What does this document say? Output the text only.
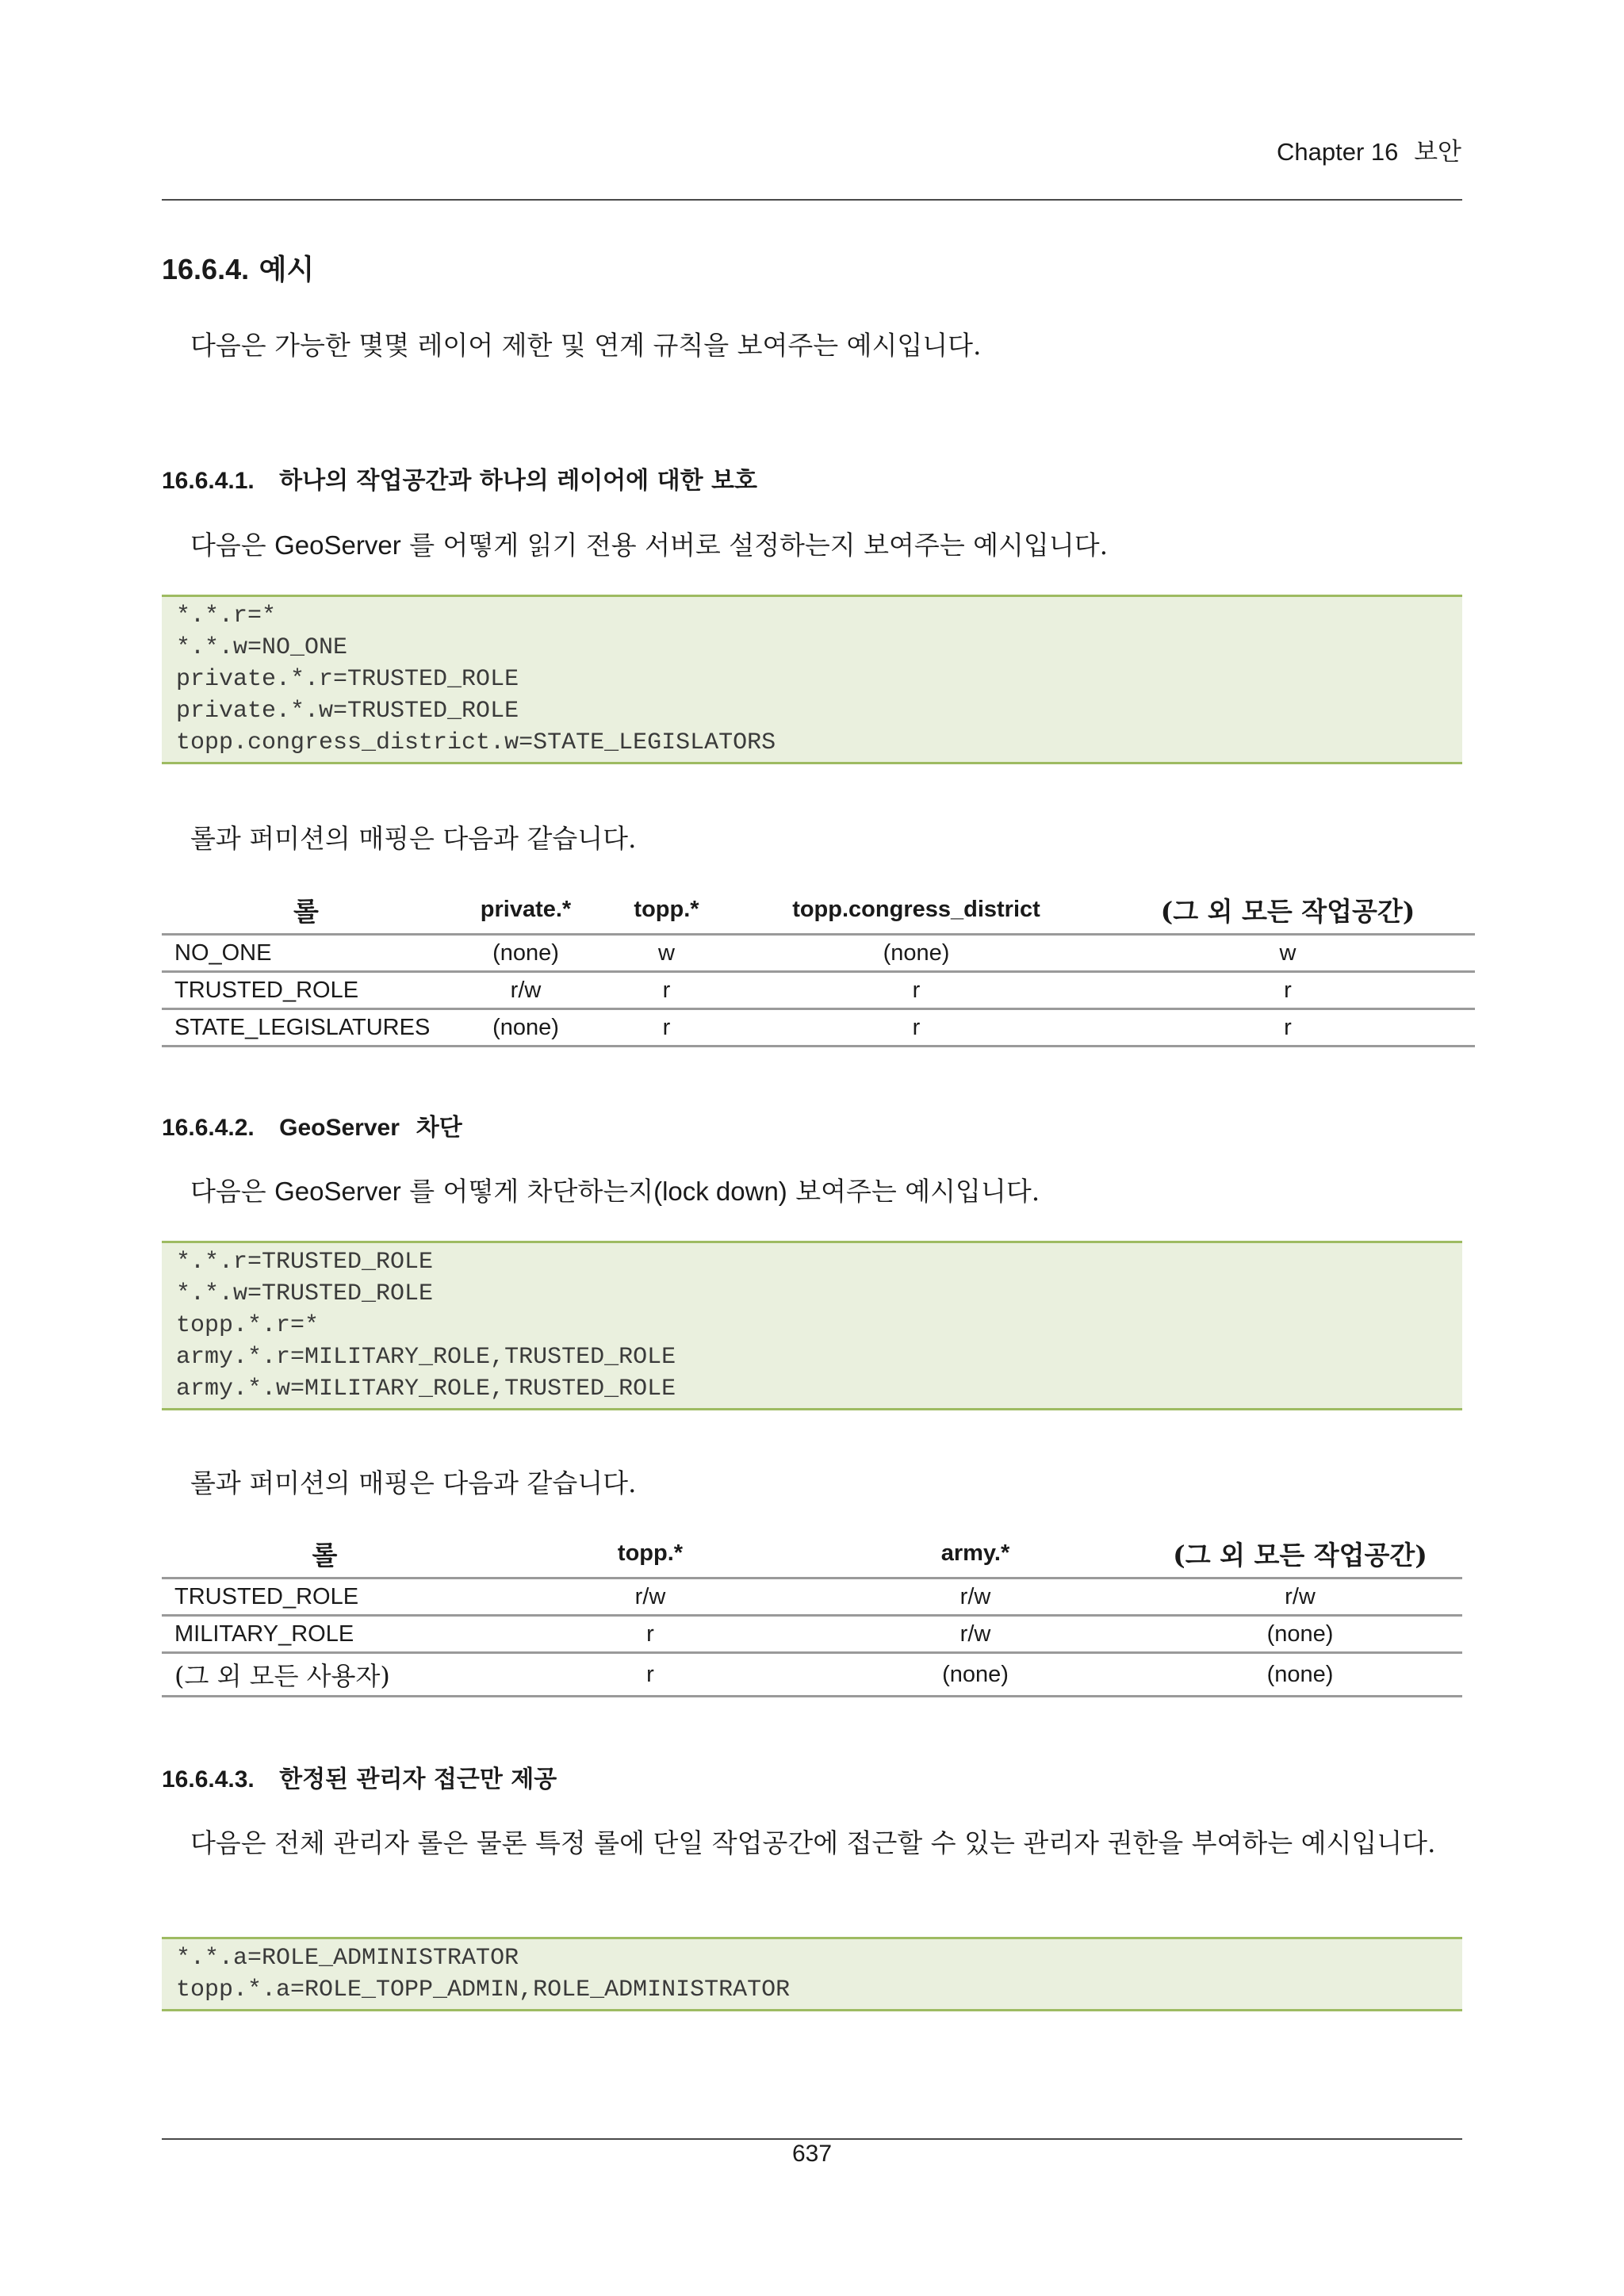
Chapter 16 보안
16.6.4. 예시
다음은 가능한 몇몇 레이어 제한 및 연계 규칙을 보여주는 예시입니다.
16.6.4.1. 하나의 작업공간과 하나의 레이어에 대한 보호
다음은 GeoServer 를 어떻게 읽기 전용 서버로 설정하는지 보여주는 예시입니다.
*.*.r=*
*.*.w=NO_ONE
private.*.r=TRUSTED_ROLE
private.*.w=TRUSTED_ROLE
topp.congress_district.w=STATE_LEGISLATORS
롤과 퍼미션의 매핑은 다음과 같습니다.
롤	private.*	topp.*	topp.congress_district	(그 외 모든 작업공간)
NO_ONE	(none)	w	(none)	w
TRUSTED_ROLE	r/w	r	r	r
STATE_LEGISLATURES	(none)	r	r	r
16.6.4.2. GeoServer 차단
다음은 GeoServer 를 어떻게 차단하는지(lock down) 보여주는 예시입니다.
*.*.r=TRUSTED_ROLE
*.*.w=TRUSTED_ROLE
topp.*.r=*
army.*.r=MILITARY_ROLE,TRUSTED_ROLE
army.*.w=MILITARY_ROLE,TRUSTED_ROLE
롤과 퍼미션의 매핑은 다음과 같습니다.
롤	topp.*	army.*	(그 외 모든 작업공간)
TRUSTED_ROLE	r/w	r/w	r/w
MILITARY_ROLE	r	r/w	(none)
(그 외 모든 사용자)	r	(none)	(none)
16.6.4.3. 한정된 관리자 접근만 제공
다음은 전체 관리자 롤은 물론 특정 롤에 단일 작업공간에 접근할 수 있는 관리자 권한을 부여하는 예시입니다.
*.*.a=ROLE_ADMINISTRATOR
topp.*.a=ROLE_TOPP_ADMIN,ROLE_ADMINISTRATOR
637
